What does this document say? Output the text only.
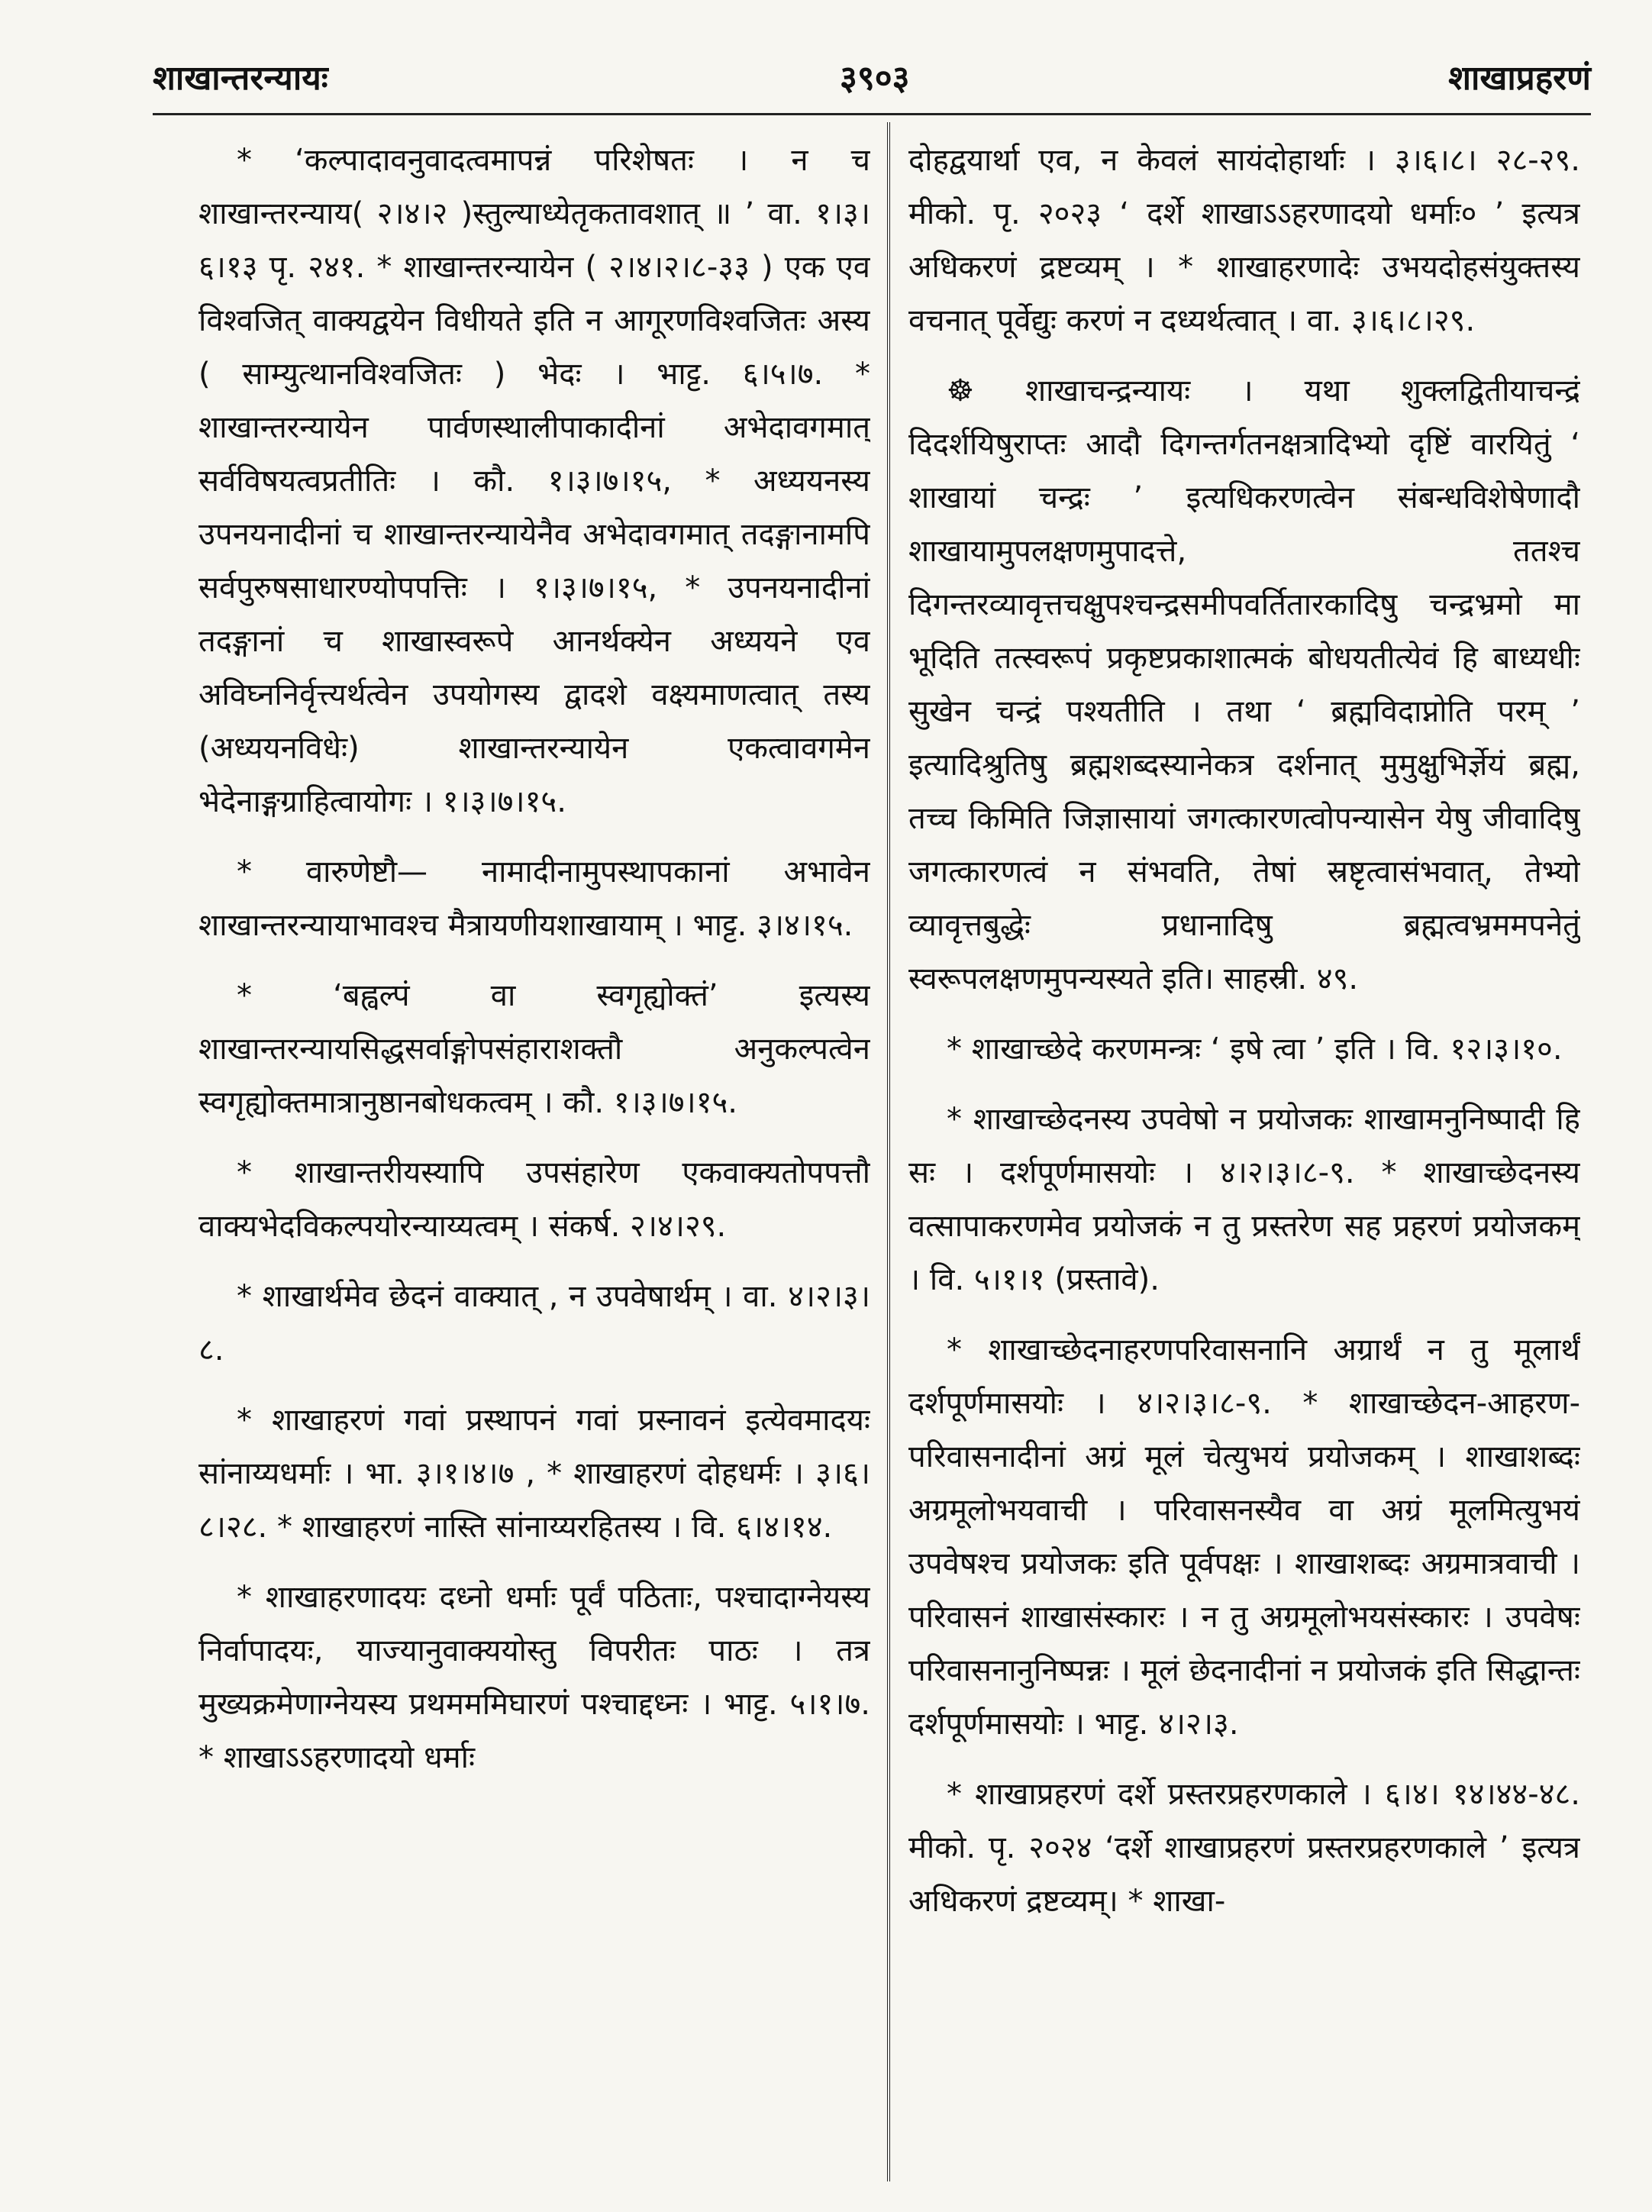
शाखान्तरन्यायः	३९०३	शाखाप्रहरणं

* ‘कल्पादावनुवादत्वमापन्नं परिशेषतः । न च शाखान्तरन्याय( २।४।२ )स्तुल्याध्येतृकतावशात् ॥ ’ वा. १।३।६।१३ पृ. २४१. * शाखान्तरन्यायेन ( २।४।२।८-३३ ) एक एव विश्वजित् वाक्यद्वयेन विधीयते इति न आगूरणविश्वजितः अस्य ( साम्युत्थानविश्वजितः ) भेदः । भाट्ट. ६।५।७. * शाखान्तरन्यायेन पार्वणस्थालीपाकादीनां अभेदावगमात् सर्वविषयत्वप्रतीतिः । कौ. १।३।७।१५, * अध्ययनस्य उपनयनादीनां च शाखान्तरन्यायेनैव अभेदावगमात् तदङ्गानामपि सर्वपुरुषसाधारण्योपपत्तिः । १।३।७।१५, * उपनयनादीनां तदङ्गानां च शाखास्वरूपे आनर्थक्येन अध्ययने एव अविघ्ननिर्वृत्त्यर्थत्वेन उपयोगस्य द्वादशे वक्ष्यमाणत्वात् तस्य (अध्ययनविधेः) शाखान्तरन्यायेन एकत्वावगमेन भेदेनाङ्गग्राहित्वायोगः । १।३।७।१५.

* वारुणेष्टौ— नामादीनामुपस्थापकानां अभावेन शाखान्तरन्यायाभावश्च मैत्रायणीयशाखायाम् । भाट्ट. ३।४।१५.

* ‘बह्वल्पं वा स्वगृह्योक्तं’ इत्यस्य शाखान्तरन्यायसिद्धसर्वाङ्गोपसंहाराशक्तौ अनुकल्पत्वेन स्वगृह्योक्तमात्रानुष्ठानबोधकत्वम् । कौ. १।३।७।१५.

* शाखान्तरीयस्यापि उपसंहारेण एकवाक्यतोपपत्तौ वाक्यभेदविकल्पयोरन्याय्यत्वम् । संकर्ष. २।४।२९.

* शाखार्थमेव छेदनं वाक्यात् , न उपवेषार्थम् । वा. ४।२।३।८.

* शाखाहरणं गवां प्रस्थापनं गवां प्रस्नावनं इत्येवमादयः सांनाय्यधर्माः । भा. ३।१।४।७ , * शाखाहरणं दोहधर्मः । ३।६।८।२८. * शाखाहरणं नास्ति सांनाय्यरहितस्य । वि. ६।४।१४.

* शाखाहरणादयः दध्नो धर्माः पूर्वं पठिताः, पश्चादाग्नेयस्य निर्वापादयः, याज्यानुवाक्ययोस्तु विपरीतः पाठः । तत्र मुख्यक्रमेणाग्नेयस्य प्रथमममिघारणं पश्चाद्दध्नः । भाट्ट. ५।१।७. * शाखाऽऽहरणादयो धर्माः

दोहद्वयार्था एव, न केवलं सायंदोहार्थाः । ३।६।८। २८-२९. मीको. पृ. २०२३ ‘ दर्शे शाखाऽऽहरणादयो धर्माः० ’ इत्यत्र अधिकरणं द्रष्टव्यम् । * शाखाहरणादेः उभयदोहसंयुक्तस्य वचनात् पूर्वेद्युः करणं न दध्यर्थत्वात् । वा. ३।६।८।२९.

☸ शाखाचन्द्रन्यायः । यथा शुक्लद्वितीयाचन्द्रं दिदर्शयिषुराप्तः आदौ दिगन्तर्गतनक्षत्रादिभ्यो दृष्टिं वारयितुं ‘ शाखायां चन्द्रः ’ इत्यधिकरणत्वेन संबन्धविशेषेणादौ शाखायामुपलक्षणमुपादत्ते, ततश्च दिगन्तरव्यावृत्तचक्षुपश्चन्द्रसमीपवर्तितारकादिषु चन्द्रभ्रमो मा भूदिति तत्स्वरूपं प्रकृष्टप्रकाशात्मकं बोधयतीत्येवं हि बाध्यधीः सुखेन चन्द्रं पश्यतीति । तथा ‘ ब्रह्मविदाप्नोति परम् ’ इत्यादिश्रुतिषु ब्रह्मशब्दस्यानेकत्र दर्शनात् मुमुक्षुभिर्ज्ञेयं ब्रह्म, तच्च किमिति जिज्ञासायां जगत्कारणत्वोपन्यासेन येषु जीवादिषु जगत्कारणत्वं न संभवति, तेषां स्रष्टृत्वासंभवात्, तेभ्यो व्यावृत्तबुद्धेः प्रधानादिषु ब्रह्मत्वभ्रममपनेतुं स्वरूपलक्षणमुपन्यस्यते इति। साहस्री. ४९.

* शाखाच्छेदे करणमन्त्रः ‘ इषे त्वा ’ इति । वि. १२।३।१०.

* शाखाच्छेदनस्य उपवेषो न प्रयोजकः शाखामनुनिष्पादी हि सः । दर्शपूर्णमासयोः । ४।२।३।८-९. * शाखाच्छेदनस्य वत्सापाकरणमेव प्रयोजकं न तु प्रस्तरेण सह प्रहरणं प्रयोजकम् । वि. ५।१।१ (प्रस्तावे).

* शाखाच्छेदनाहरणपरिवासनानि अग्रार्थं न तु मूलार्थं दर्शपूर्णमासयोः । ४।२।३।८-९. * शाखाच्छेदन-आहरण-परिवासनादीनां अग्रं मूलं चेत्युभयं प्रयोजकम् । शाखाशब्दः अग्रमूलोभयवाची । परिवासनस्यैव वा अग्रं मूलमित्युभयं उपवेषश्च प्रयोजकः इति पूर्वपक्षः । शाखाशब्दः अग्रमात्रवाची । परिवासनं शाखासंस्कारः । न तु अग्रमूलोभयसंस्कारः । उपवेषः परिवासनानुनिष्पन्नः । मूलं छेदनादीनां न प्रयोजकं इति सिद्धान्तः दर्शपूर्णमासयोः । भाट्ट. ४।२।३.

* शाखाप्रहरणं दर्शे प्रस्तरप्रहरणकाले । ६।४। १४।४४-४८. मीको. पृ. २०२४ ‘दर्शे शाखाप्रहरणं प्रस्तरप्रहरणकाले ’ इत्यत्र अधिकरणं द्रष्टव्यम्। * शाखा-
